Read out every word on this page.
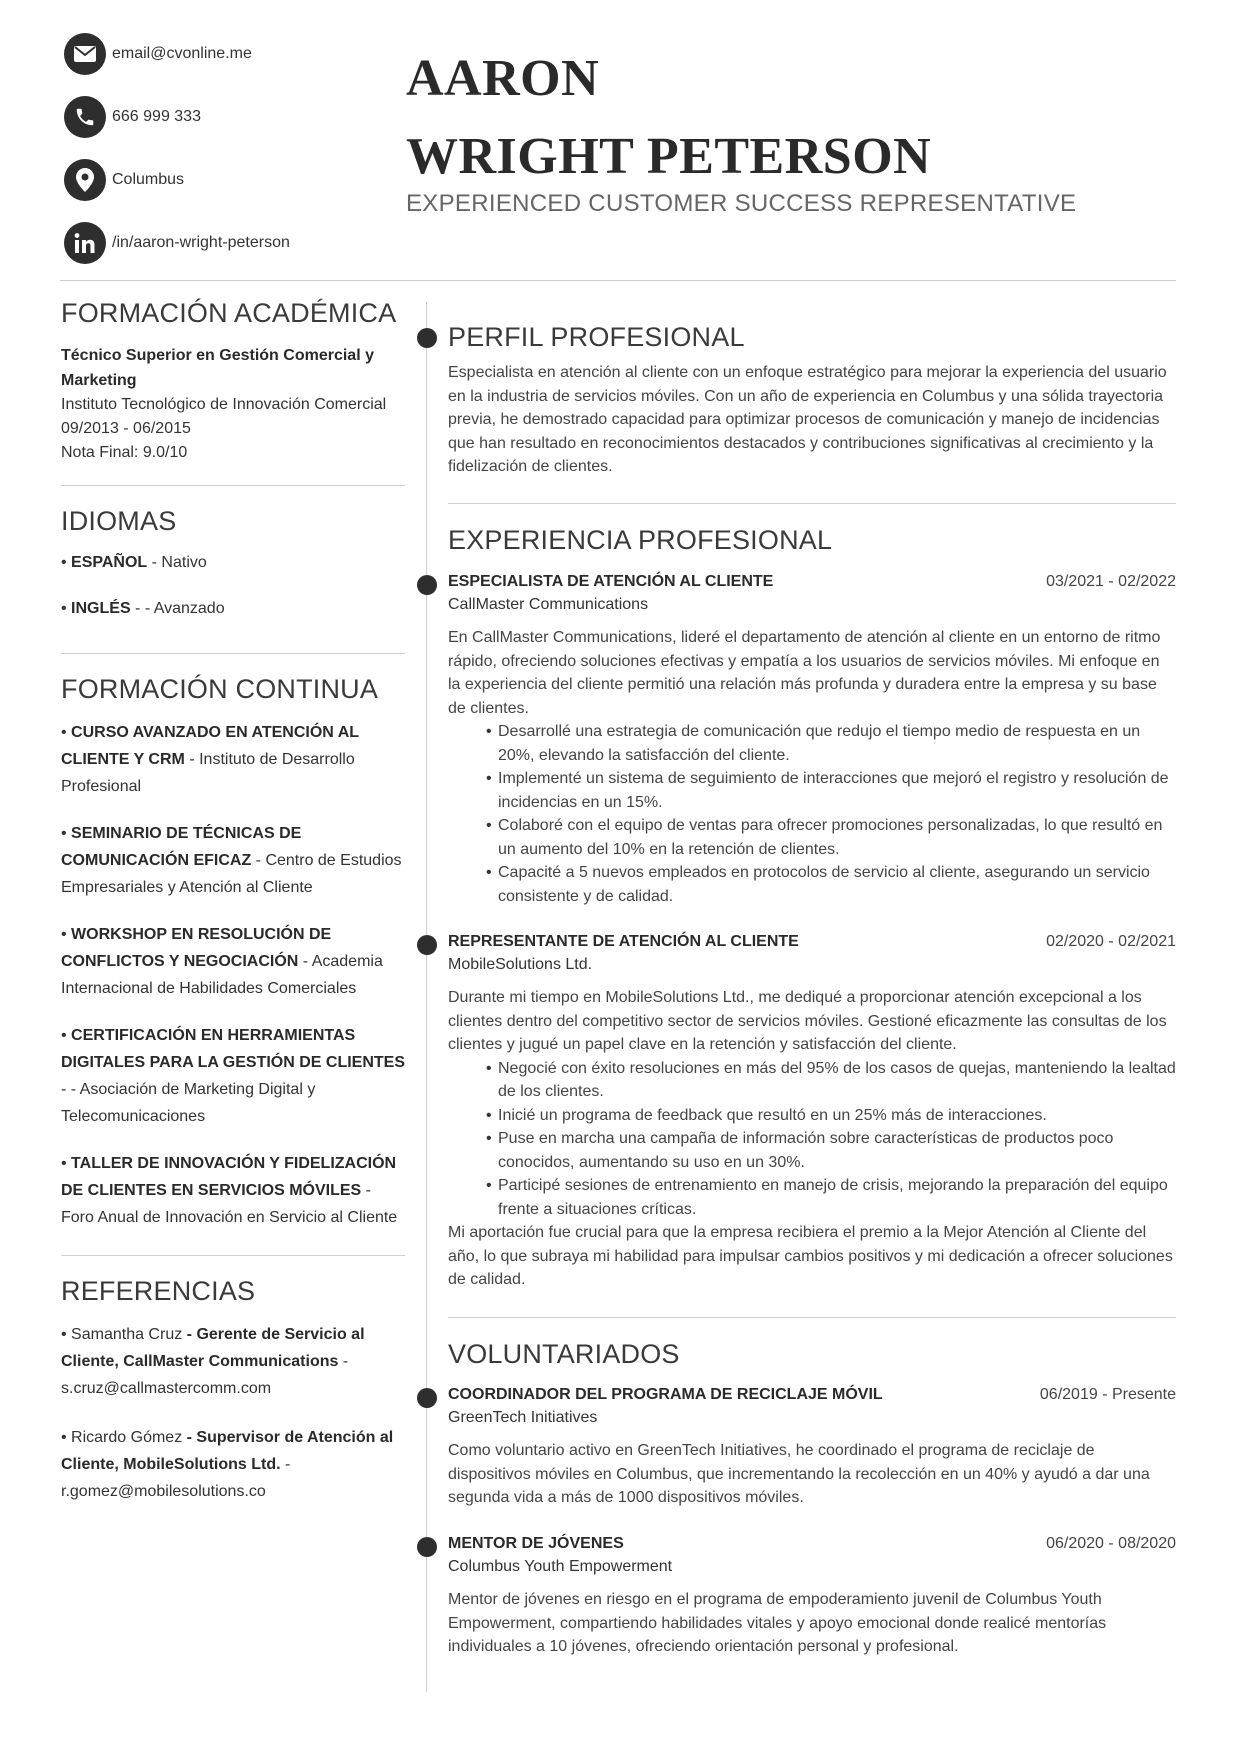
email@cvonline.me
666 999 333
Columbus
/in/aaron-wright-peterson
AARON
WRIGHT PETERSON
EXPERIENCED CUSTOMER SUCCESS REPRESENTATIVE
FORMACIÓN ACADÉMICA
Técnico Superior en Gestión Comercial y Marketing
Instituto Tecnológico de Innovación Comercial
09/2013 - 06/2015
Nota Final: 9.0/10
IDIOMAS
• ESPAÑOL - Nativo
• INGLÉS - - Avanzado
FORMACIÓN CONTINUA
• CURSO AVANZADO EN ATENCIÓN AL CLIENTE Y CRM - Instituto de Desarrollo Profesional
• SEMINARIO DE TÉCNICAS DE COMUNICACIÓN EFICAZ - Centro de Estudios Empresariales y Atención al Cliente
• WORKSHOP EN RESOLUCIÓN DE CONFLICTOS Y NEGOCIACIÓN - Academia Internacional de Habilidades Comerciales
• CERTIFICACIÓN EN HERRAMIENTAS DIGITALES PARA LA GESTIÓN DE CLIENTES - - Asociación de Marketing Digital y Telecomunicaciones
• TALLER DE INNOVACIÓN Y FIDELIZACIÓN DE CLIENTES EN SERVICIOS MÓVILES - Foro Anual de Innovación en Servicio al Cliente
REFERENCIAS
• Samantha Cruz - Gerente de Servicio al Cliente, CallMaster Communications - s.cruz@callmastercomm.com
• Ricardo Gómez - Supervisor de Atención al Cliente, MobileSolutions Ltd. - r.gomez@mobilesolutions.co
PERFIL PROFESIONAL
Especialista en atención al cliente con un enfoque estratégico para mejorar la experiencia del usuario en la industria de servicios móviles. Con un año de experiencia en Columbus y una sólida trayectoria previa, he demostrado capacidad para optimizar procesos de comunicación y manejo de incidencias que han resultado en reconocimientos destacados y contribuciones significativas al crecimiento y la fidelización de clientes.
EXPERIENCIA PROFESIONAL
ESPECIALISTA DE ATENCIÓN AL CLIENTE	03/2021 - 02/2022
CallMaster Communications
En CallMaster Communications, lideré el departamento de atención al cliente en un entorno de ritmo rápido, ofreciendo soluciones efectivas y empatía a los usuarios de servicios móviles. Mi enfoque en la experiencia del cliente permitió una relación más profunda y duradera entre la empresa y su base de clientes.
• Desarrollé una estrategia de comunicación que redujo el tiempo medio de respuesta en un 20%, elevando la satisfacción del cliente.
• Implementé un sistema de seguimiento de interacciones que mejoró el registro y resolución de incidencias en un 15%.
• Colaboré con el equipo de ventas para ofrecer promociones personalizadas, lo que resultó en un aumento del 10% en la retención de clientes.
• Capacité a 5 nuevos empleados en protocolos de servicio al cliente, asegurando un servicio consistente y de calidad.
REPRESENTANTE DE ATENCIÓN AL CLIENTE	02/2020 - 02/2021
MobileSolutions Ltd.
Durante mi tiempo en MobileSolutions Ltd., me dediqué a proporcionar atención excepcional a los clientes dentro del competitivo sector de servicios móviles. Gestioné eficazmente las consultas de los clientes y jugué un papel clave en la retención y satisfacción del cliente.
• Negocié con éxito resoluciones en más del 95% de los casos de quejas, manteniendo la lealtad de los clientes.
• Inicié un programa de feedback que resultó en un 25% más de interacciones.
• Puse en marcha una campaña de información sobre características de productos poco conocidos, aumentando su uso en un 30%.
• Participé sesiones de entrenamiento en manejo de crisis, mejorando la preparación del equipo frente a situaciones críticas.
Mi aportación fue crucial para que la empresa recibiera el premio a la Mejor Atención al Cliente del año, lo que subraya mi habilidad para impulsar cambios positivos y mi dedicación a ofrecer soluciones de calidad.
VOLUNTARIADOS
COORDINADOR DEL PROGRAMA DE RECICLAJE MÓVIL	06/2019 - Presente
GreenTech Initiatives
Como voluntario activo en GreenTech Initiatives, he coordinado el programa de reciclaje de dispositivos móviles en Columbus, que incrementando la recolección en un 40% y ayudó a dar una segunda vida a más de 1000 dispositivos móviles.
MENTOR DE JÓVENES	06/2020 - 08/2020
Columbus Youth Empowerment
Mentor de jóvenes en riesgo en el programa de empoderamiento juvenil de Columbus Youth Empowerment, compartiendo habilidades vitales y apoyo emocional donde realicé mentorías individuales a 10 jóvenes, ofreciendo orientación personal y profesional.
